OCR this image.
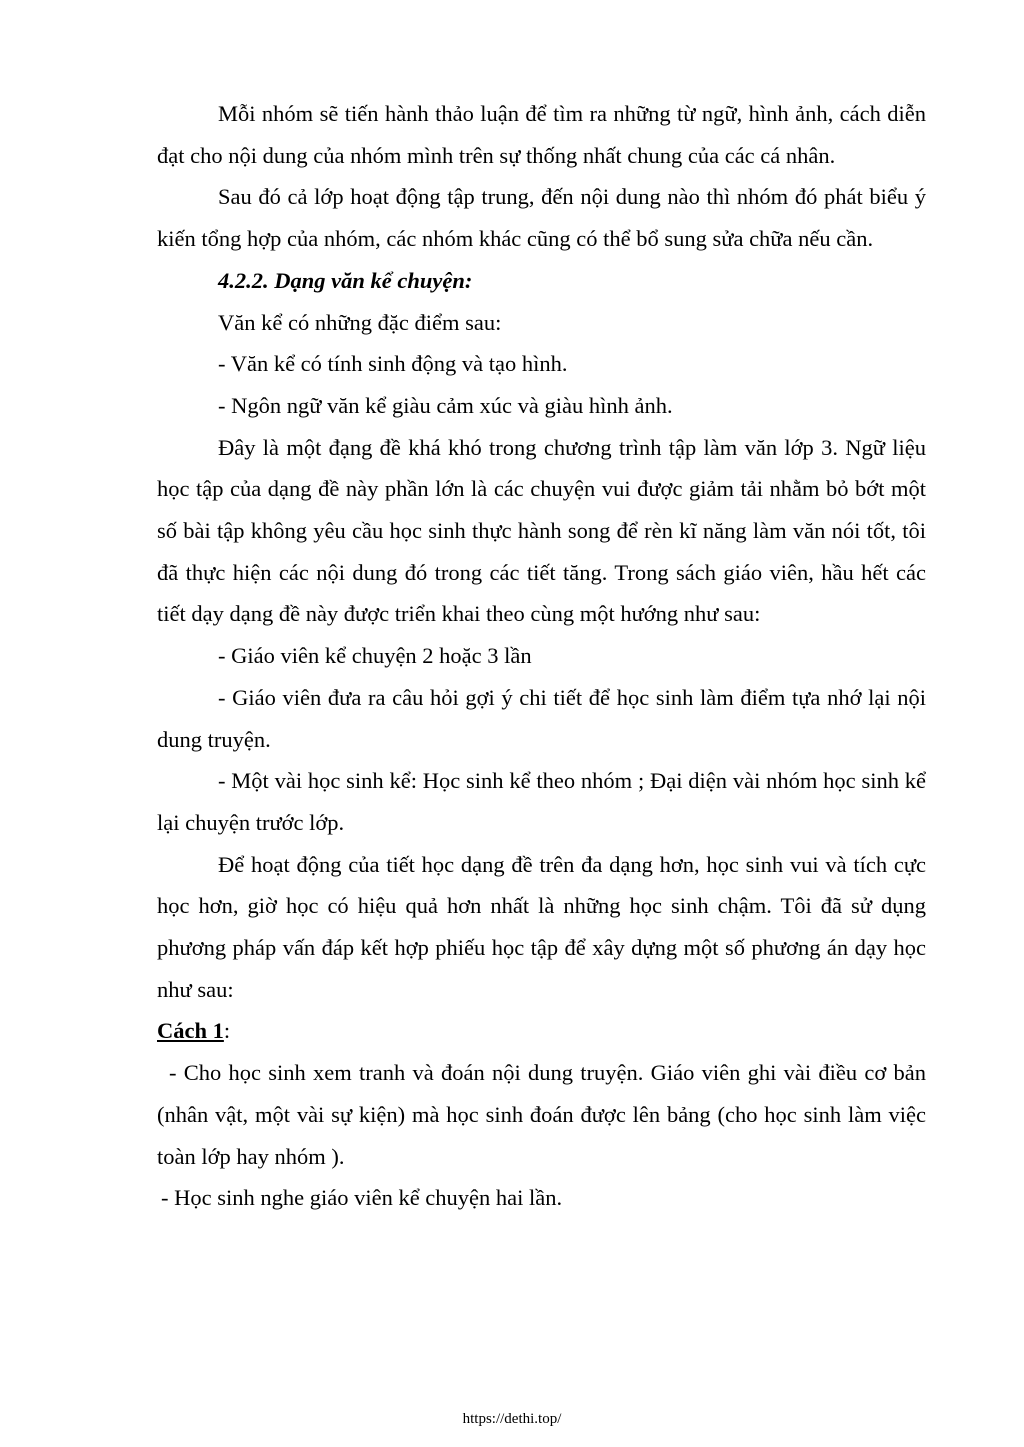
Mỗi nhóm sẽ tiến hành thảo luận để tìm ra những từ ngữ, hình ảnh, cách diễn đạt cho nội dung của nhóm mình trên sự thống nhất chung của các cá nhân.

Sau đó cả lớp hoạt động tập trung, đến nội dung nào thì nhóm đó phát biểu ý kiến tổng hợp của nhóm, các nhóm khác cũng có thể bổ sung sửa chữa nếu cần.

4.2.2. Dạng văn kể chuyện:

Văn kể có những đặc điểm sau:

- Văn kể có tính sinh động và tạo hình.

- Ngôn ngữ văn kể giàu cảm xúc và giàu hình ảnh.

Đây là một đạng đề khá khó trong chương trình tập làm văn lớp 3. Ngữ liệu học tập của dạng đề này phần lớn là các chuyện vui được giảm tải nhằm bỏ bớt một số bài tập không yêu cầu học sinh thực hành song để rèn kĩ năng làm văn nói tốt, tôi đã thực hiện các nội dung đó trong các tiết tăng. Trong sách giáo viên, hầu hết các tiết dạy dạng đề này được triển khai theo cùng một hướng như sau:

- Giáo viên kể chuyện 2 hoặc 3 lần

- Giáo viên đưa ra câu hỏi gợi ý chi tiết để học sinh làm điểm tựa nhớ lại nội dung truyện.

- Một vài học sinh kể: Học sinh kể theo nhóm ; Đại diện vài nhóm học sinh kể lại chuyện trước lớp.

Để hoạt động của tiết học dạng đề trên đa dạng hơn, học sinh vui và tích cực học hơn, giờ học có hiệu quả hơn nhất là những học sinh chậm. Tôi đã sử dụng phương pháp vấn đáp kết hợp phiếu học tập để xây dựng một số phương án dạy học như sau:

Cách 1:

- Cho học sinh xem tranh và đoán nội dung truyện. Giáo viên ghi vài điều cơ bản (nhân vật, một vài sự kiện) mà học sinh đoán được lên bảng (cho học sinh làm việc toàn lớp hay nhóm ).

- Học sinh nghe giáo viên kể chuyện hai lần.

https://dethi.top/
